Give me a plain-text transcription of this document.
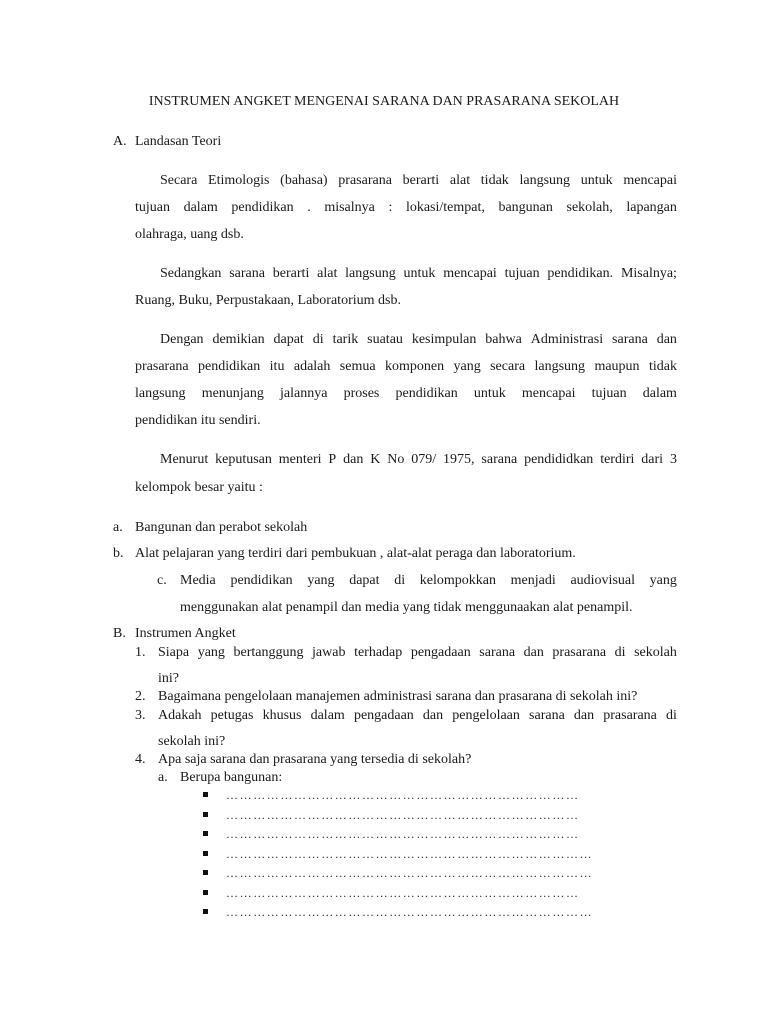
INSTRUMEN ANGKET MENGENAI SARANA DAN PRASARANA SEKOLAH
A. Landasan Teori
Secara Etimologis (bahasa) prasarana berarti alat tidak langsung untuk mencapai
tujuan dalam pendidikan . misalnya : lokasi/tempat, bangunan sekolah, lapangan
olahraga, uang dsb.
Sedangkan sarana berarti alat langsung untuk mencapai tujuan pendidikan. Misalnya;
Ruang, Buku, Perpustakaan, Laboratorium dsb.
Dengan demikian dapat di tarik suatau kesimpulan bahwa Administrasi sarana dan
prasarana pendidikan itu adalah semua komponen yang secara langsung maupun tidak
langsung menunjang jalannya proses pendidikan untuk mencapai tujuan dalam
pendidikan itu sendiri.
Menurut keputusan menteri P dan K No 079/ 1975, sarana pendididkan terdiri dari 3
kelompok besar yaitu :
a. Bangunan dan perabot sekolah
b. Alat pelajaran yang terdiri dari pembukuan , alat-alat peraga dan laboratorium.
c. Media pendidikan yang dapat di kelompokkan menjadi audiovisual yang
menggunakan alat penampil dan media yang tidak menggunaakan alat penampil.
B. Instrumen Angket
1. Siapa yang bertanggung jawab terhadap pengadaan sarana dan prasarana di sekolah
ini?
2. Bagaimana pengelolaan manajemen administrasi sarana dan prasarana di sekolah ini?
3. Adakah petugas khusus dalam pengadaan dan pengelolaan sarana dan prasarana di
sekolah ini?
4. Apa saja sarana dan prasarana yang tersedia di sekolah?
a. Berupa bangunan:
……………………………………………………………………
……………………………………………………………………
……………………………………………………………………
………………………………………………………………………
………………………………………………………………………
……………………………………………………………………
………………………………………………………………………
